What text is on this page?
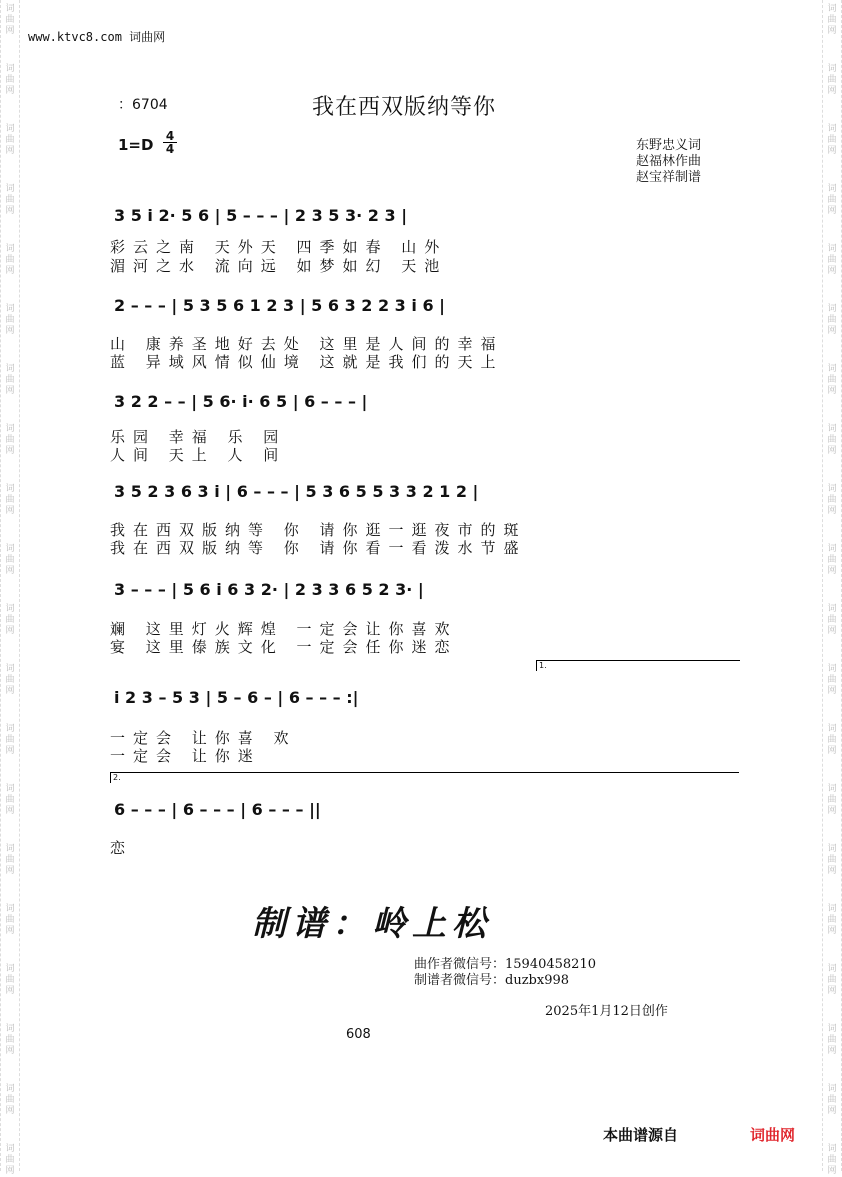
词
曲
网
词
曲
网
词
曲
网
词
曲
网
词
曲
网
词
曲
网
词
曲
网
词
曲
网
词
曲
网
词
曲
网
词
曲
网
词
曲
网
词
曲
网
词
曲
网
词
曲
网
词
曲
网
词
曲
网
词
曲
网
词
曲
网
词
曲
网
词
曲
网
词
曲
网
词
曲
网
词
曲
网
词
曲
网
词
曲
网
词
曲
网
词
曲
网
词
曲
网
词
曲
网
词
曲
网
词
曲
网
词
曲
网
词
曲
网
词
曲
网
词
曲
网
词
曲
网
词
曲
网
词
曲
网
词
曲
网
www.ktvc8.com 词曲网
：6704	我在西双版纳等你
1=D 4
4	东野忠义词
赵福林作曲
赵宝祥制谱
3 5 i 2· 5 6 | 5 – – – | 2 3 5 3· 2 3 |
彩云之南 天外天 四季如春 山外
湄河之水 流向远 如梦如幻 天池
2 – – – | 5 3 5 6 1 2 3 | 5 6 3 2 2 3 i 6 |
山 康养圣地好去处 这里是人间的幸福
蓝 异域风情似仙境 这就是我们的天上
3 2 2 – – | 5 6· i· 6 5 | 6 – – – |
乐园 幸福 乐 园
人间 天上 人 间
3 5 2 3 6 3 i | 6 – – – | 5 3 6 5 5 3 3 2 1 2 |
我在西双版纳等 你 请你逛一逛夜市的斑
我在西双版纳等 你 请你看一看泼水节盛
3 – – – | 5 6 i 6 3 2· | 2 3 3 6 5 2 3· |
斓 这里灯火辉煌 一定会让你喜欢
宴 这里傣族文化 一定会任你迷恋
1.
i 2 3 – 5 3 | 5 – 6 – | 6 – – – :|
一定会 让你喜 欢
一定会 让你迷
2.
6 – – – | 6 – – – | 6 – – – ||
恋
制谱：岭上松
曲作者微信号：15940458210
制谱者微信号：duzbx998
2025年1月12日创作
608
本曲谱源自	词曲网
